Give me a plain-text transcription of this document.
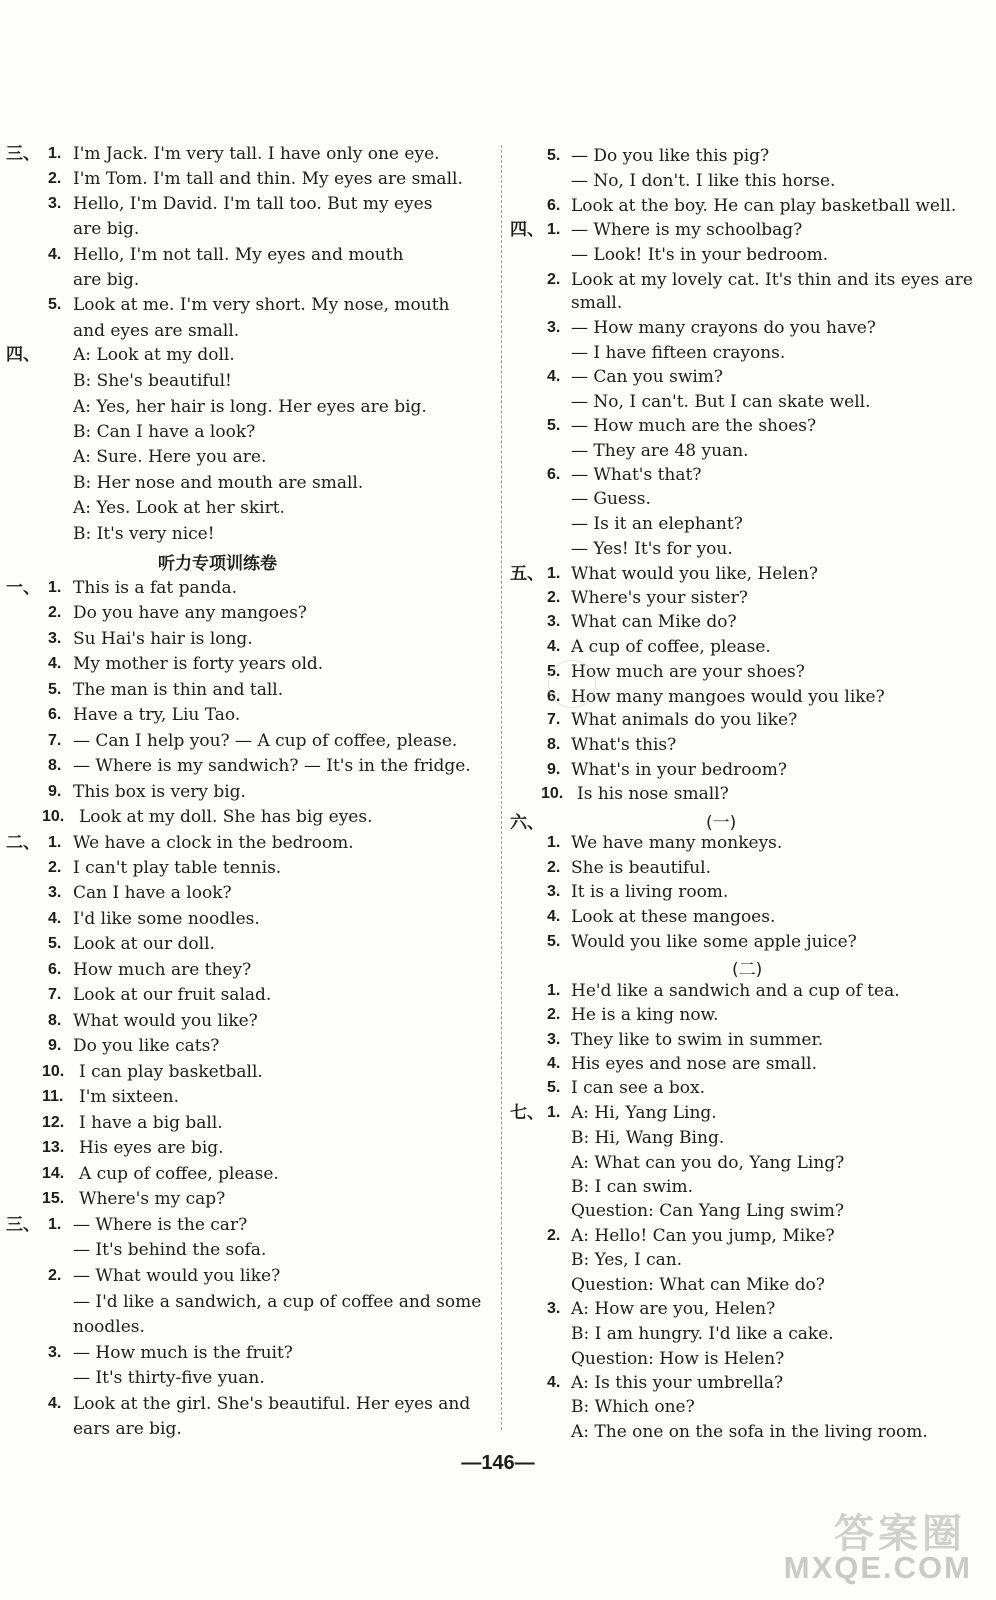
三、 1. I'm Jack. I'm very tall. I have only one eye.
2. I'm Tom. I'm tall and thin. My eyes are small.
3. Hello, I'm David. I'm tall too. But my eyes
are big.
4. Hello, I'm not tall. My eyes and mouth
are big.
5. Look at me. I'm very short. My nose, mouth
and eyes are small.
四、 A: Look at my doll.
B: She's beautiful!
A: Yes, her hair is long. Her eyes are big.
B: Can I have a look?
A: Sure. Here you are.
B: Her nose and mouth are small.
A: Yes. Look at her skirt.
B: It's very nice!
一、 1. This is a fat panda.
2. Do you have any mangoes?
3. Su Hai's hair is long.
4. My mother is forty years old.
5. The man is thin and tall.
6. Have a try, Liu Tao.
7. — Can I help you? — A cup of coffee, please.
8. — Where is my sandwich? — It's in the fridge.
9. This box is very big.
10. Look at my doll. She has big eyes.
二、 1. We have a clock in the bedroom.
2. I can't play table tennis.
3. Can I have a look?
4. I'd like some noodles.
5. Look at our doll.
6. How much are they?
7. Look at our fruit salad.
8. What would you like?
9. Do you like cats?
10. I can play basketball.
11. I'm sixteen.
12. I have a big ball.
13. His eyes are big.
14. A cup of coffee, please.
15. Where's my cap?
三、 1. — Where is the car?
— It's behind the sofa.
2. — What would you like?
— I'd like a sandwich, a cup of coffee and some
noodles.
3. — How much is the fruit?
— It's thirty-five yuan.
4. Look at the girl. She's beautiful. Her eyes and
ears are big.
5. — Do you like this pig?
— No, I don't. I like this horse.
6. Look at the boy. He can play basketball well.
四、 1. — Where is my schoolbag?
— Look! It's in your bedroom.
2. Look at my lovely cat. It's thin and its eyes are
small.
3. — How many crayons do you have?
— I have fifteen crayons.
4. — Can you swim?
— No, I can't. But I can skate well.
5. — How much are the shoes?
— They are 48 yuan.
6. — What's that?
— Guess.
— Is it an elephant?
— Yes! It's for you.
五、 1. What would you like, Helen?
2. Where's your sister?
3. What can Mike do?
4. A cup of coffee, please.
5. How much are your shoes?
6. How many mangoes would you like?
7. What animals do you like?
8. What's this?
9. What's in your bedroom?
10. Is his nose small?
1. We have many monkeys.
2. She is beautiful.
3. It is a living room.
4. Look at these mangoes.
5. Would you like some apple juice?
1. He'd like a sandwich and a cup of tea.
2. He is a king now.
3. They like to swim in summer.
4. His eyes and nose are small.
5. I can see a box.
七、 1. A: Hi, Yang Ling.
B: Hi, Wang Bing.
A: What can you do, Yang Ling?
B: I can swim.
Question: Can Yang Ling swim?
2. A: Hello! Can you jump, Mike?
B: Yes, I can.
Question: What can Mike do?
3. A: How are you, Helen?
B: I am hungry. I'd like a cake.
Question: How is Helen?
4. A: Is this your umbrella?
B: Which one?
A: The one on the sofa in the living room.
听力专项训练卷
六、	(一)
(二)
—146—
答案圈
MXQE.COM
